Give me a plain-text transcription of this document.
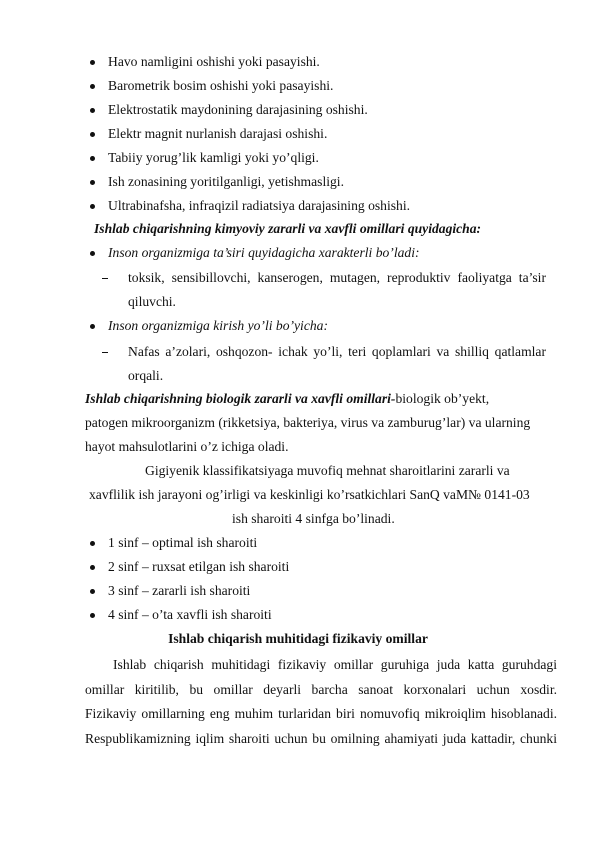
Havo namligini oshishi yoki pasayishi.
Barometrik bosim oshishi yoki pasayishi.
Elektrostatik maydonining darajasining oshishi.
Elektr magnit nurlanish darajasi oshishi.
Tabiiy yorug’lik kamligi yoki yo’qligi.
Ish zonasining yoritilganligi, yetishmasligi.
Ultrabinafsha, infraqizil radiatsiya darajasining oshishi.
Ishlab chiqarishning kimyoviy zararli va xavfli omillari quyidagicha:
Inson organizmiga ta’siri quyidagicha xarakterli bo’ladi:
toksik, sensibillovchi, kanserogen, mutagen, reproduktiv faoliyatga ta’sir
qiluvchi.
Inson organizmiga kirish yo’li bo’yicha:
Nafas a’zolari, oshqozon- ichak yo’li, teri qoplamlari va shilliq qatlamlar
orqali.
Ishlab chiqarishning biologik zararli va xavfli omillari-biologik ob’yekt,
patogen mikroorganizm (rikketsiya, bakteriya, virus va zamburug’lar) va ularning
hayot mahsulotlarini o’z ichiga oladi.
Gigiyenik klassifikatsiyaga muvofiq mehnat sharoitlarini zararli va
xavflilik ish jarayoni og’irligi va keskinligi ko’rsatkichlari SanQ vaM№ 0141-03
ish sharoiti 4 sinfga bo’linadi.
1 sinf – optimal ish sharoiti
2 sinf – ruxsat etilgan ish sharoiti
3 sinf – zararli ish sharoiti
4 sinf – o’ta xavfli ish sharoiti
Ishlab chiqarish muhitidagi fizikaviy omillar
Ishlab chiqarish muhitidagi fizikaviy omillar guruhiga juda katta guruhdagi
omillar kiritilib, bu omillar deyarli barcha sanoat korxonalari uchun xosdir.
Fizikaviy omillarning eng muhim turlaridan biri nomuvofiq mikroiqlim hisoblanadi.
Respublikamizning iqlim sharoiti uchun bu omilning ahamiyati juda kattadir, chunki
